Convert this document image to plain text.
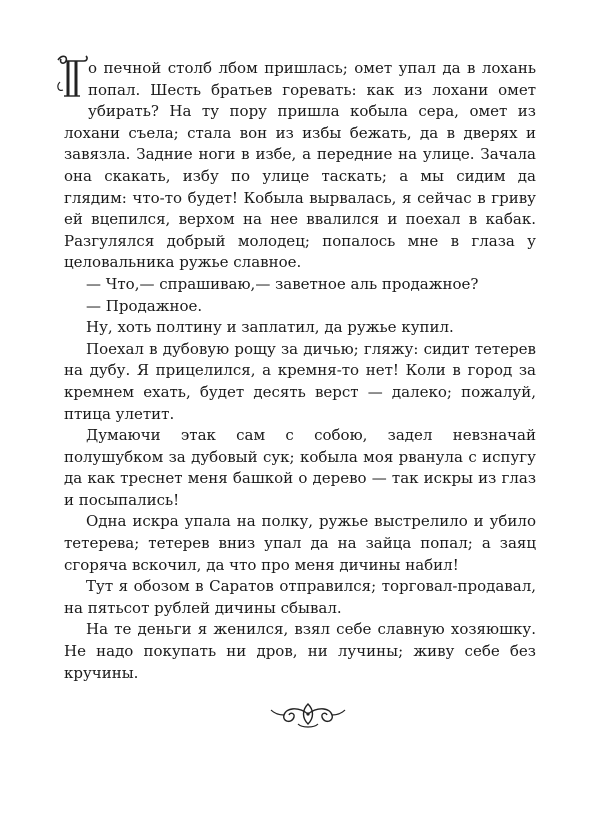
о печной столб лбом пришлась; омет упал да в лохань попал. Шесть братьев горевать: как из лохани омет убирать? На ту пору пришла кобыла сера, омет из лохани съела; стала вон из избы бежать, да в дверях и завязла. Задние ноги в избе, а передние на улице. Зачала она скакать, избу по улице таскать; а мы сидим да глядим: что-то будет! Кобыла вырвалась, я сейчас в гриву ей вцепился, верхом на нее ввалился и поехал в кабак. Разгулялся добрый молодец; попалось мне в глаза у целовальника ружье славное.

— Что,— спрашиваю,— заветное аль продажное?

— Продажное.

Ну, хоть полтину и заплатил, да ружье купил.

Поехал в дубовую рощу за дичью; гляжу: сидит тетерев на дубу. Я прицелился, а кремня-то нет! Коли в город за кремнем ехать, будет десять верст — далеко; пожалуй, птица улетит.

Думаючи этак сам с собою, задел невзначай полушубком за дубовый сук; кобыла моя рванула с испугу да как треснет меня башкой о дерево — так искры из глаз и посыпались!

Одна искра упала на полку, ружье выстрелило и убило тетерева; тетерев вниз упал да на зайца попал; а заяц сгоряча вскочил, да что про меня дичины набил!

Тут я обозом в Саратов отправился; торговал-продавал, на пятьсот рублей дичины сбывал.

На те деньги я женился, взял себе славную хозяюшку. Не надо покупать ни дров, ни лучины; живу себе без кручины.
